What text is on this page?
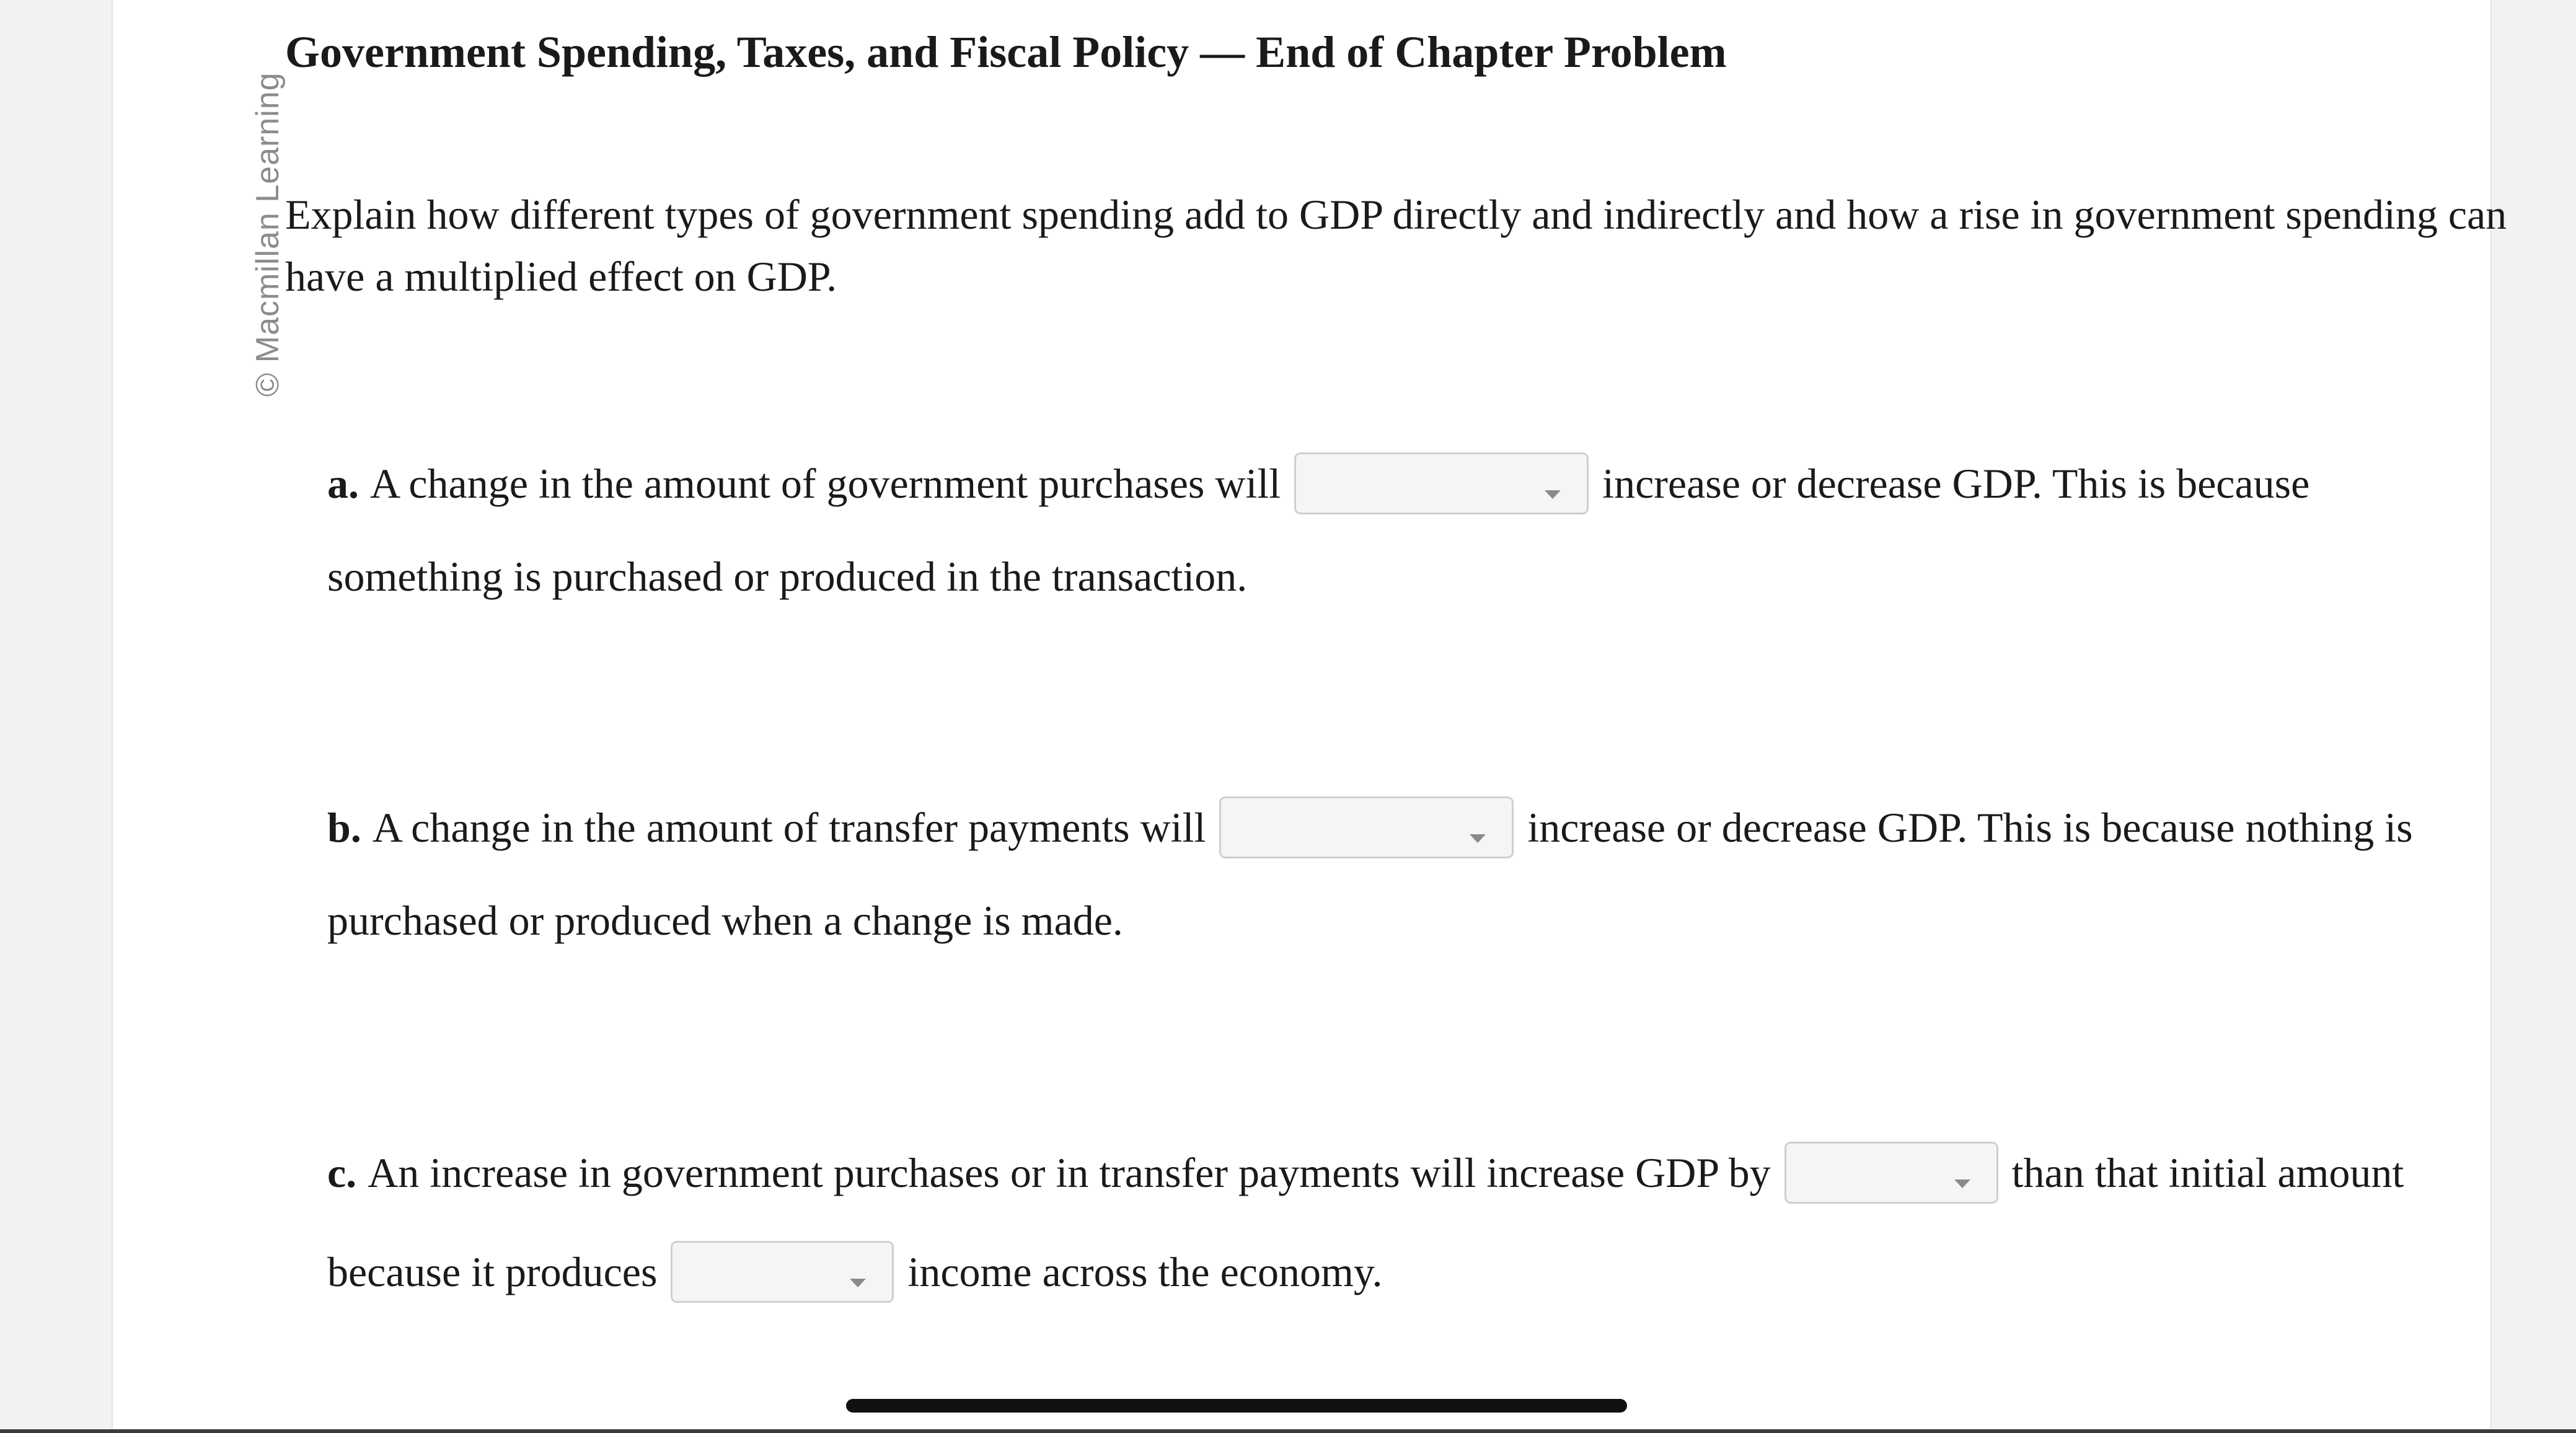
© Macmillan Learning
Government Spending, Taxes, and Fiscal Policy — End of Chapter Problem

Explain how different types of government spending add to GDP directly and indirectly and how a rise in government spending can have a multiplied effect on GDP.

a. A change in the amount of government purchases will	increase or decrease GDP. This is because
something is purchased or produced in the transaction.
b. A change in the amount of transfer payments will	increase or decrease GDP. This is because nothing is
purchased or produced when a change is made.
c. An increase in government purchases or in transfer payments will increase GDP by	than that initial amount
because it produces	income across the economy.
